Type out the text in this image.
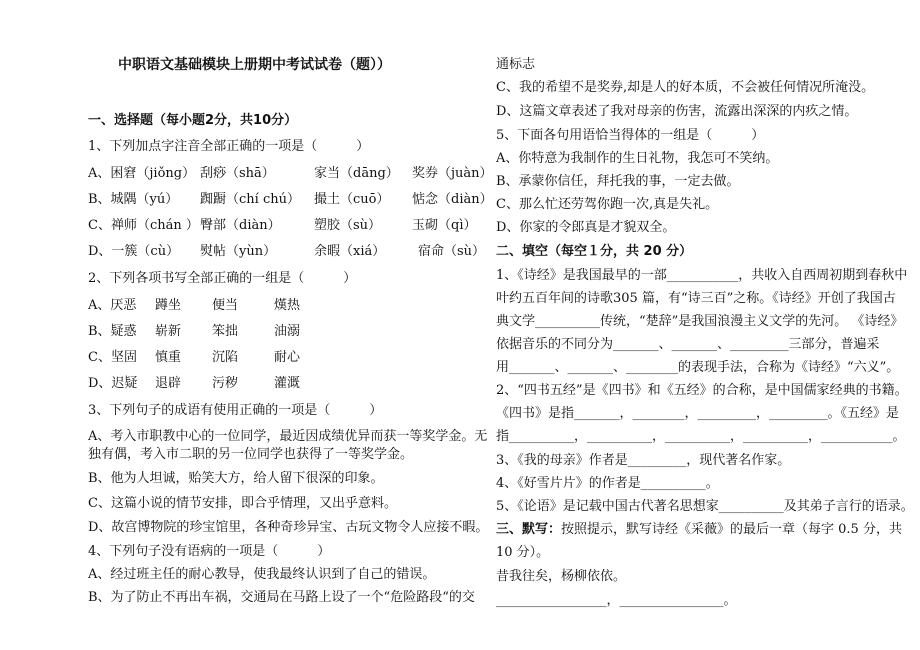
中职语文基础模块上册期中考试试卷（题））
一、选择题（每小题2分，共10分）
1、下列加点字注音全部正确的一项是（　　　）
A、困窘（jiǒng） 刮痧（shā）	家当（dāng） 奖券（juàn）
B、城隅（yú） 踟蹰（chí chú） 撮土（cuō） 惦念（diàn）
C、禅师（chán ） 臀部（diàn）	塑胶（sù） 玉砌（qì）
D、一簇（cù） 熨帖（yùn）	余暇（xiá）	宿命（sù）
2、下列各项书写全部正确的一组是（　　　）
A、厌恶 蹲坐 便当	熯热
B、疑惑 崭新 笨拙	油溺
C、坚固 慎重 沉陷	耐心
D、迟疑 退辟 污秽	灌溉
3、下列句子的成语有使用正确的一项是（　　　）
A、考入市职教中心的一位同学，最近因成绩优异而获一等奖学金。无
独有偶，考入市二职的另一位同学也获得了一等奖学金。
B、他为人坦诚，贻笑大方，给人留下很深的印象。
C、这篇小说的情节安排，即合乎情理，又出乎意料。
D、故宫博物院的珍宝馆里，各种奇珍异宝、古玩文物令人应接不暇。
4、下列句子没有语病的一项是（　　　）
A、经过班主任的耐心教导，使我最终认识到了自己的错误。
B、为了防止不再出车祸，交通局在马路上设了一个“危险路段“的交
通标志
C、我的希望不是奖券,却是人的好本质，不会被任何情况所淹没。
D、这篇文章表述了我对母亲的伤害，流露出深深的内疚之情。
5、下面各句用语恰当得体的一组是（　　　）
A、你特意为我制作的生日礼物，我怎可不笑纳。
B、承蒙你信任，拜托我的事，一定去做。
C、那么忙还劳驾你跑一次,真是失礼。
D、你家的令郎真是才貌双全。
二、填空（每空１分，共 20 分）
1、《诗经》是我国最早的一部___________，共收入自西周初期到春秋中
叶约五百年间的诗歌305 篇，有“诗三百”之称。《诗经》开创了我国古
典文学__________传统，“楚辞”是我国浪漫主义文学的先河。 《诗经》
依据音乐的不同分为_______、_______、_________三部分，普遍采
用_______、_______、________的表现手法，合称为《诗经》“六义”。
2、“四书五经”是《四书》和《五经》的合称，是中国儒家经典的书籍。
《四书》是指_______，________，_________，_________。《五经》是
指__________，__________，__________，__________，___________。
3、《我的母亲》作者是_________，现代著名作家。
4、《好雪片片》的作者是__________。
5、《论语》是记载中国古代著名思想家__________及其弟子言行的语录。
三、默写：按照提示，默写诗经《采薇》的最后一章（每字 0.5 分，共
10 分）。
昔我往矣，杨柳依依。
_________________，________________。
